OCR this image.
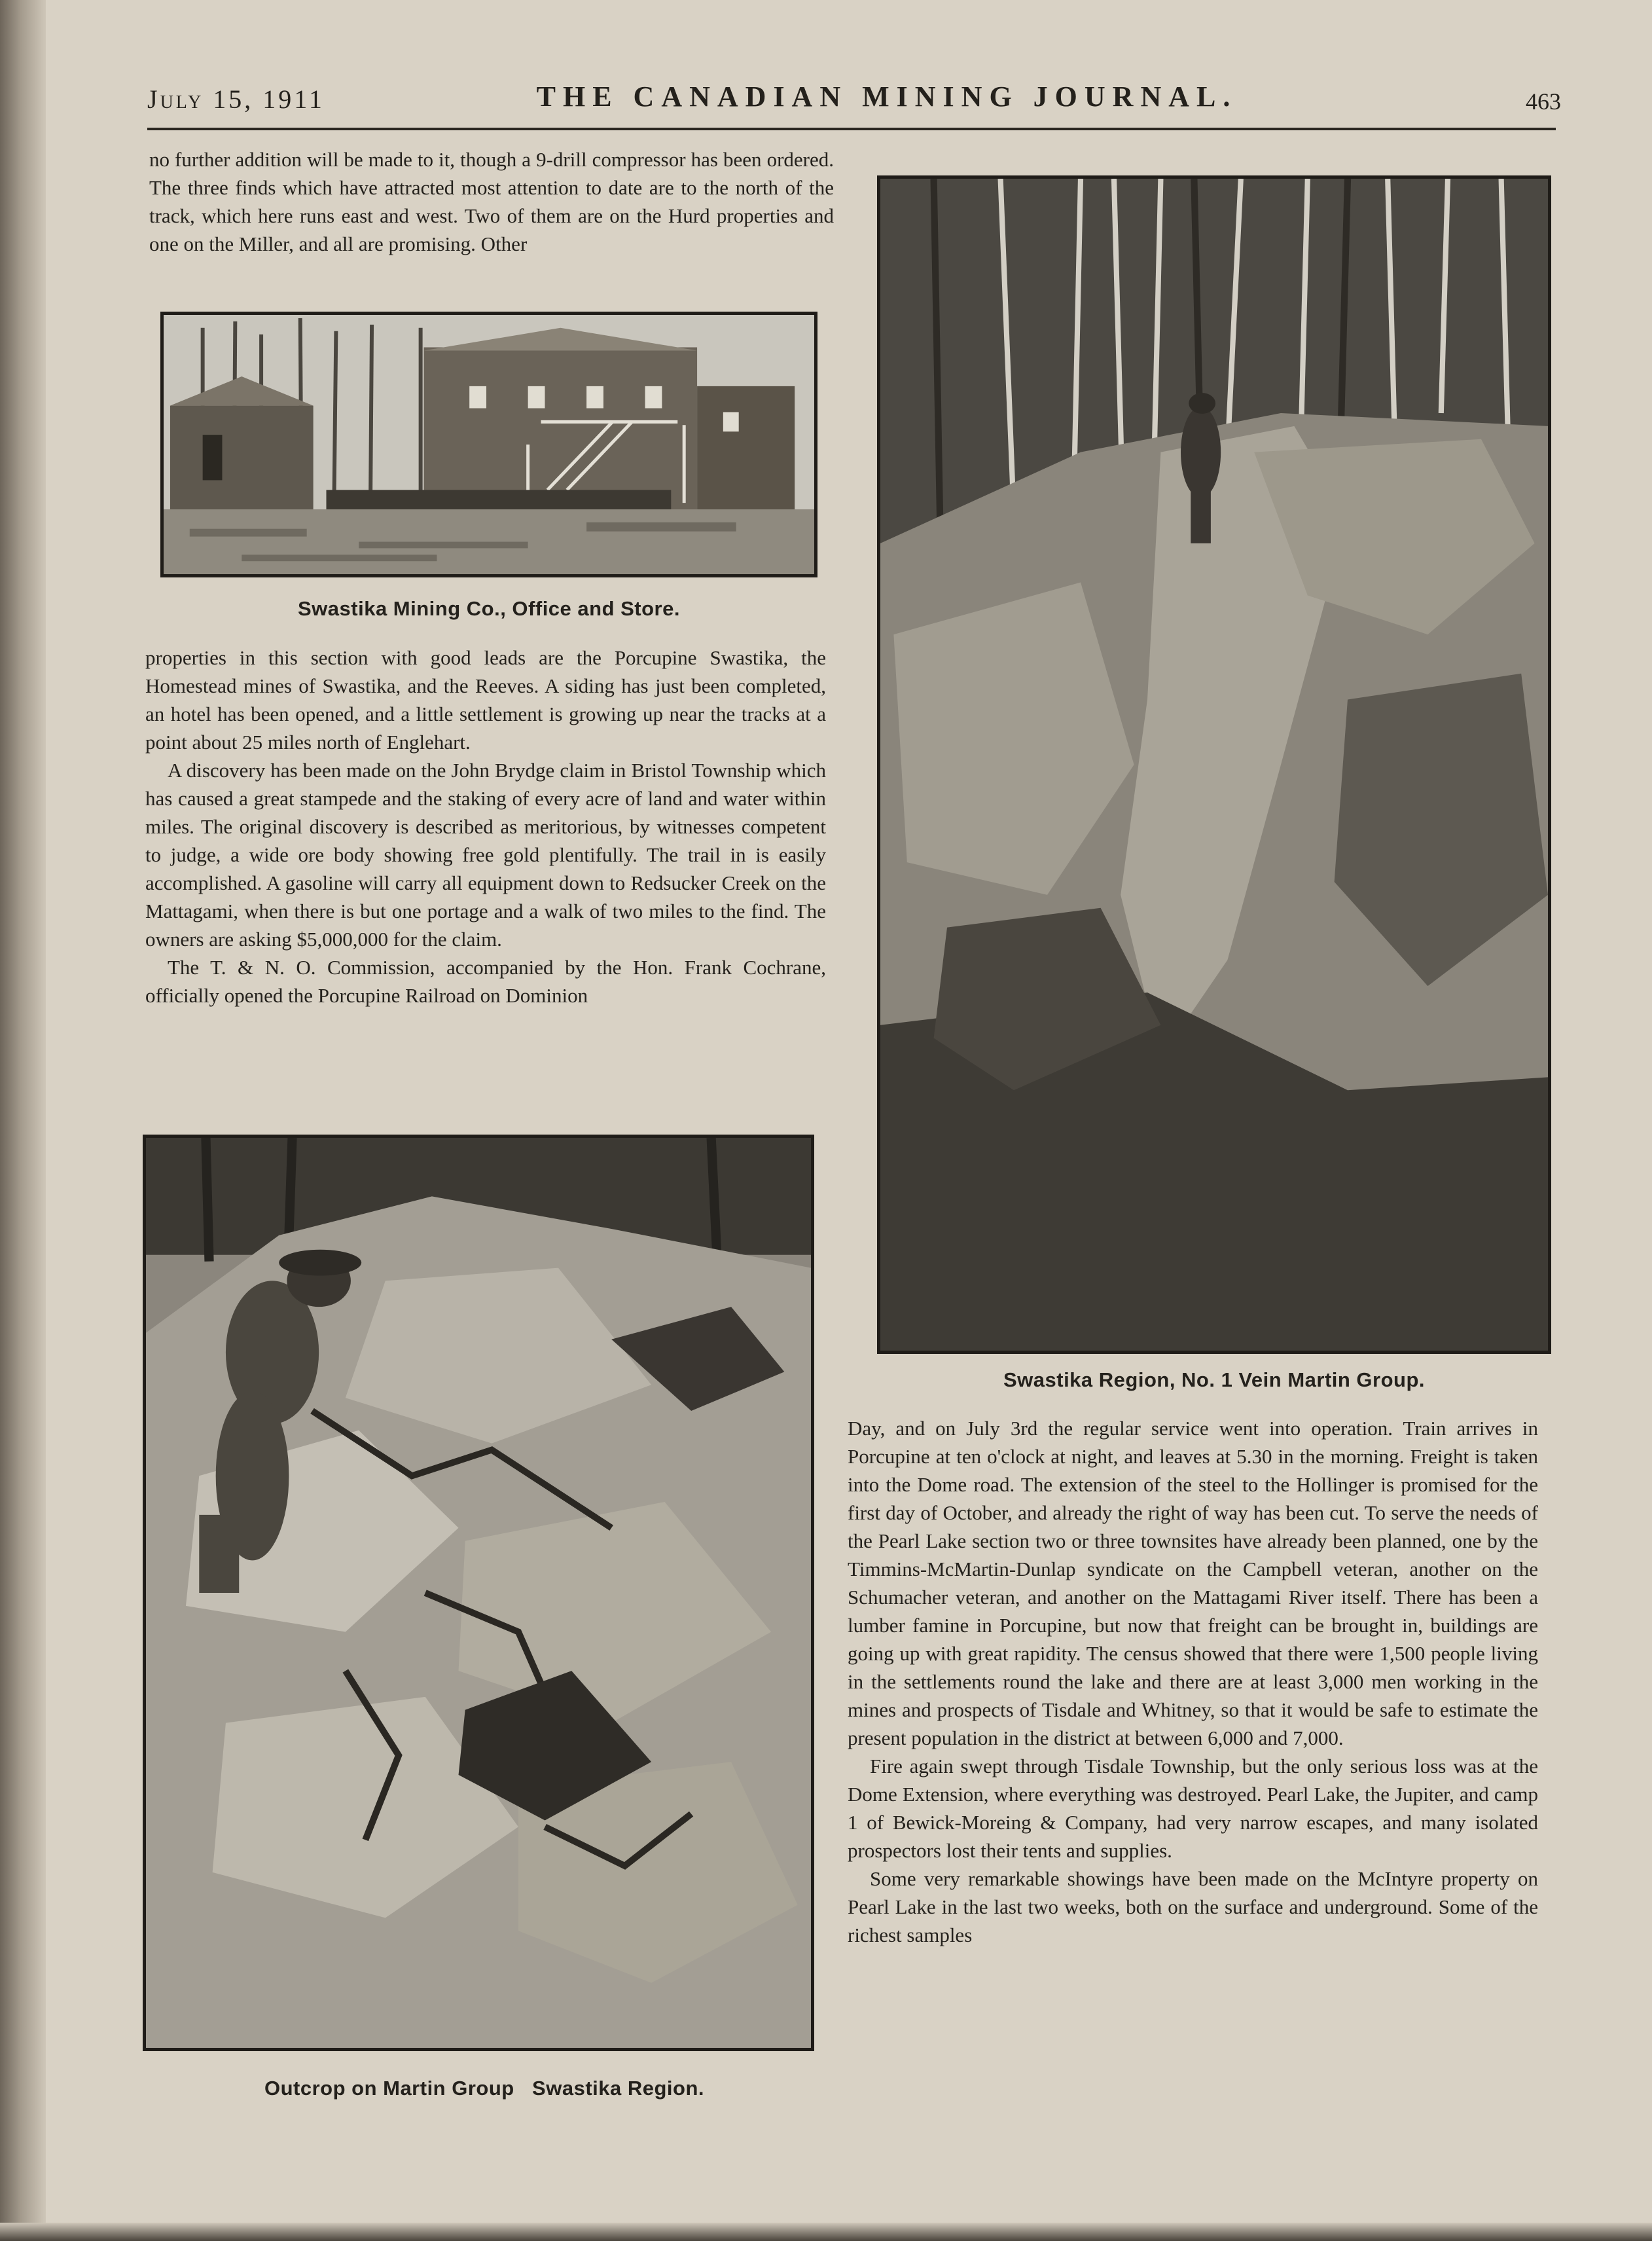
July 15, 1911	THE CANADIAN MINING JOURNAL.	463

no further addition will be made to it, though a 9-drill compressor has been ordered. The three finds which have attracted most attention to date are to the north of the track, which here runs east and west. Two of them are on the Hurd properties and one on the Miller, and all are promising. Other

Swastika Mining Co., Office and Store.

properties in this section with good leads are the Porcupine Swastika, the Homestead mines of Swastika, and the Reeves. A siding has just been completed, an hotel has been opened, and a little settlement is growing up near the tracks at a point about 25 miles north of Englehart.

A discovery has been made on the John Brydge claim in Bristol Township which has caused a great stampede and the staking of every acre of land and water within miles. The original discovery is described as meritorious, by witnesses competent to judge, a wide ore body showing free gold plentifully. The trail in is easily accomplished. A gasoline will carry all equipment down to Redsucker Creek on the Mattagami, when there is but one portage and a walk of two miles to the find. The owners are asking $5,000,000 for the claim.

The T. & N. O. Commission, accompanied by the Hon. Frank Cochrane, officially opened the Porcupine Railroad on Dominion

Outcrop on Martin Group   Swastika Region.
Swastika Region, No. 1 Vein Martin Group.

Day, and on July 3rd the regular service went into operation. Train arrives in Porcupine at ten o'clock at night, and leaves at 5.30 in the morning. Freight is taken into the Dome road. The extension of the steel to the Hollinger is promised for the first day of October, and already the right of way has been cut. To serve the needs of the Pearl Lake section two or three townsites have already been planned, one by the Timmins-McMartin-Dunlap syndicate on the Campbell veteran, another on the Schumacher veteran, and another on the Mattagami River itself. There has been a lumber famine in Porcupine, but now that freight can be brought in, buildings are going up with great rapidity. The census showed that there were 1,500 people living in the settlements round the lake and there are at least 3,000 men working in the mines and prospects of Tisdale and Whitney, so that it would be safe to estimate the present population in the district at between 6,000 and 7,000.

Fire again swept through Tisdale Township, but the only serious loss was at the Dome Extension, where everything was destroyed. Pearl Lake, the Jupiter, and camp 1 of Bewick-Moreing & Company, had very narrow escapes, and many isolated prospectors lost their tents and supplies.

Some very remarkable showings have been made on the McIntyre property on Pearl Lake in the last two weeks, both on the surface and underground. Some of the richest samples
